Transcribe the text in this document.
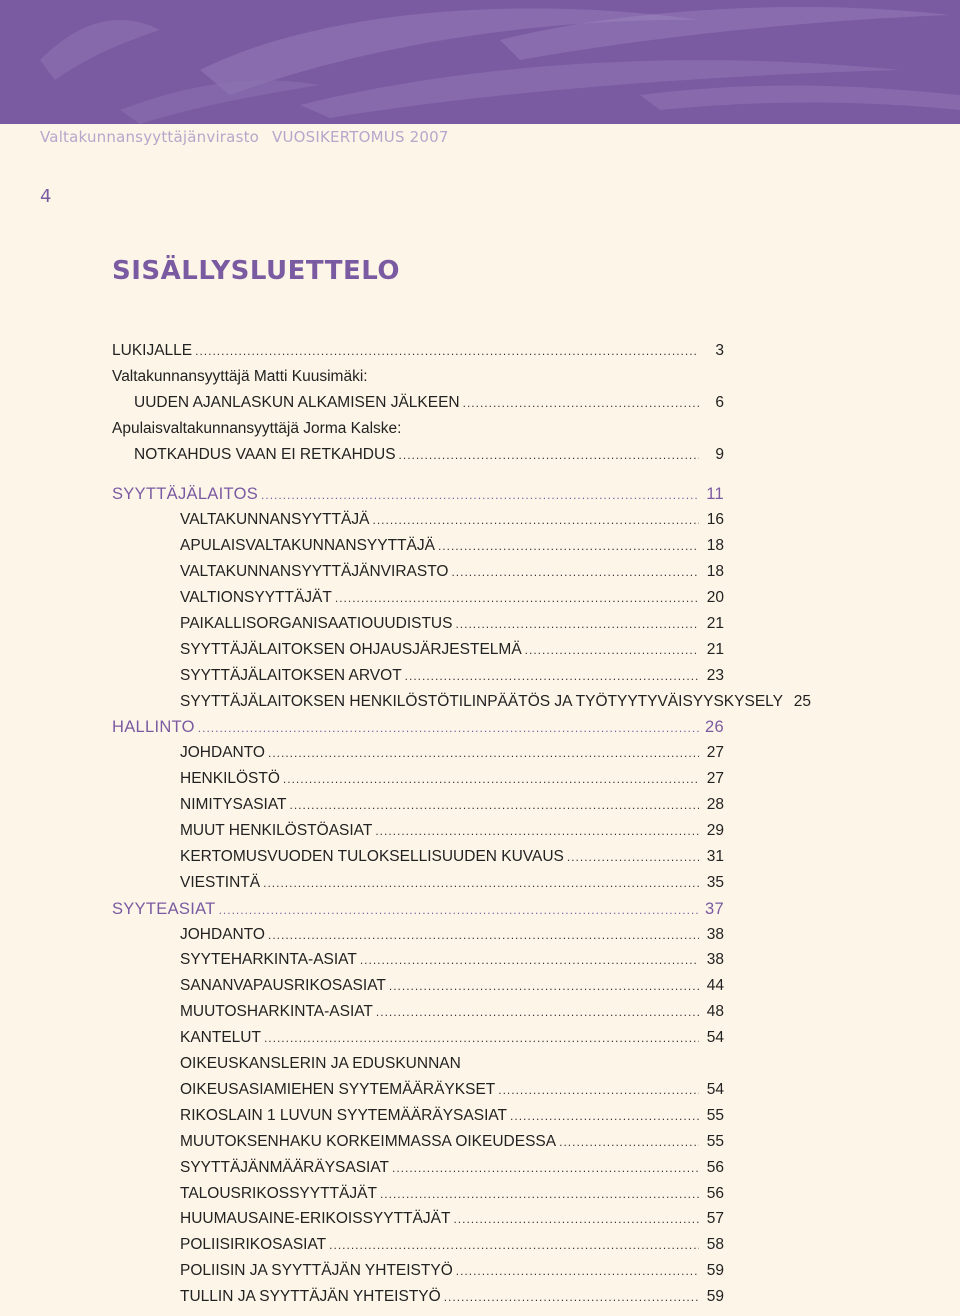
Valtakunnansyyttäjänvirasto VUOSIKERTOMUS 2007
4
SISÄLLYSLUETTELO
LUKIJALLE .....	3
Valtakunnansyyttäjä Matti Kuusimäki:
UUDEN AJANLASKUN ALKAMISEN JÄLKEEN .....	6
Apulaisvaltakunnansyyttäjä Jorma Kalske:
NOTKAHDUS VAAN EI RETKAHDUS .....	9
SYYTTÄJÄLAITOS .....	11
VALTAKUNNANSYYTTÄJÄ .....	16
APULAISVALTAKUNNANSYYTTÄJÄ .....	18
VALTAKUNNANSYYTTÄJÄNVIRASTO .....	18
VALTIONSYYTTÄJÄT .....	20
PAIKALLISORGANISAATIOUUDISTUS .....	21
SYYTTÄJÄLAITOKSEN OHJAUSJÄRJESTELMÄ .....	21
SYYTTÄJÄLAITOKSEN ARVOT .....	23
SYYTTÄJÄLAITOKSEN HENKILÖSTÖTILINPÄÄTÖS JA TYÖTYYTYVÄISYYSKYSELY 25
HALLINTO .....	26
JOHDANTO .....	27
HENKILÖSTÖ .....	27
NIMITYSASIAT .....	28
MUUT HENKILÖSTÖASIAT .....	29
KERTOMUSVUODEN TULOKSELLISUUDEN KUVAUS .....	31
VIESTINTÄ .....	35
SYYTEASIAT .....	37
JOHDANTO .....	38
SYYTEHARKINTA-ASIAT .....	38
SANANVAPAUSRIKOSASIAT .....	44
MUUTOSHARKINTA-ASIAT .....	48
KANTELUT .....	54
OIKEUSKANSLERIN JA EDUSKUNNAN
OIKEUSASIAMIEHEN SYYTEMÄÄRÄYKSET .....	54
RIKOSLAIN 1 LUVUN SYYTEMÄÄRÄYSASIAT .....	55
MUUTOKSENHAKU KORKEIMMASSA OIKEUDESSA .....	55
SYYTTÄJÄNMÄÄRÄYSASIAT .....	56
TALOUSRIKOSSYYTTÄJÄT .....	56
HUUMAUSAINE-ERIKOISSYYTTÄJÄT .....	57
POLIISIRIKOSASIAT .....	58
POLIISIN JA SYYTTÄJÄN YHTEISTYÖ .....	59
TULLIN JA SYYTTÄJÄN YHTEISTYÖ .....	59
